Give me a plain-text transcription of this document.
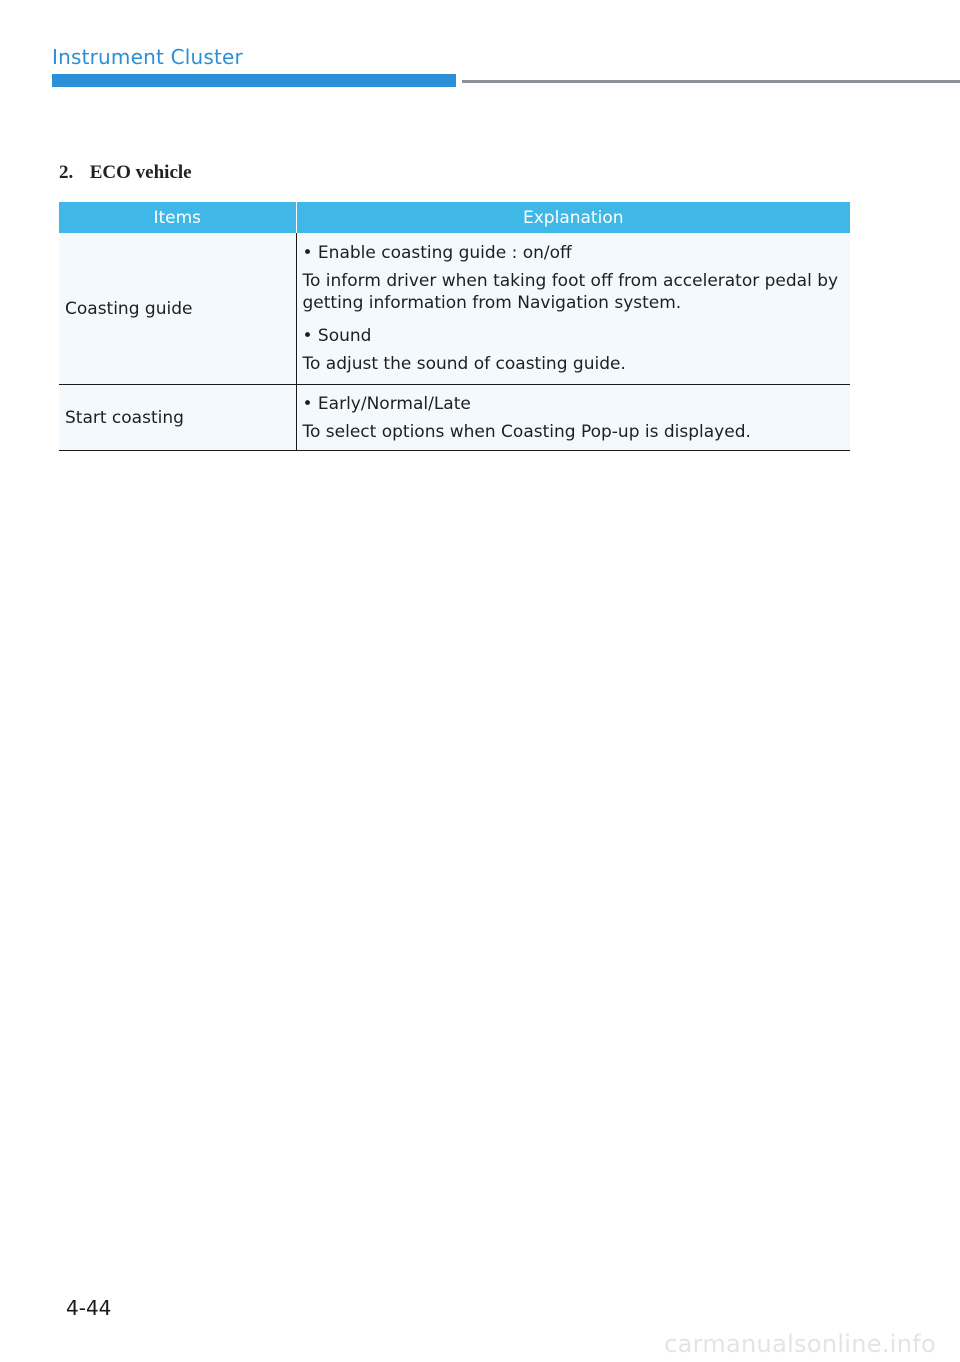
Instrument Cluster
2. ECO vehicle
Items	Explanation
Coasting guide	• Enable coasting guide : on/off

To inform driver when taking foot off from accelerator pedal by getting information from Navigation system.

• Sound

To adjust the sound of coasting guide.

Start coasting	• Early/Normal/Late

To select options when Coasting Pop-up is displayed.

4-44
carmanualsonline.info
